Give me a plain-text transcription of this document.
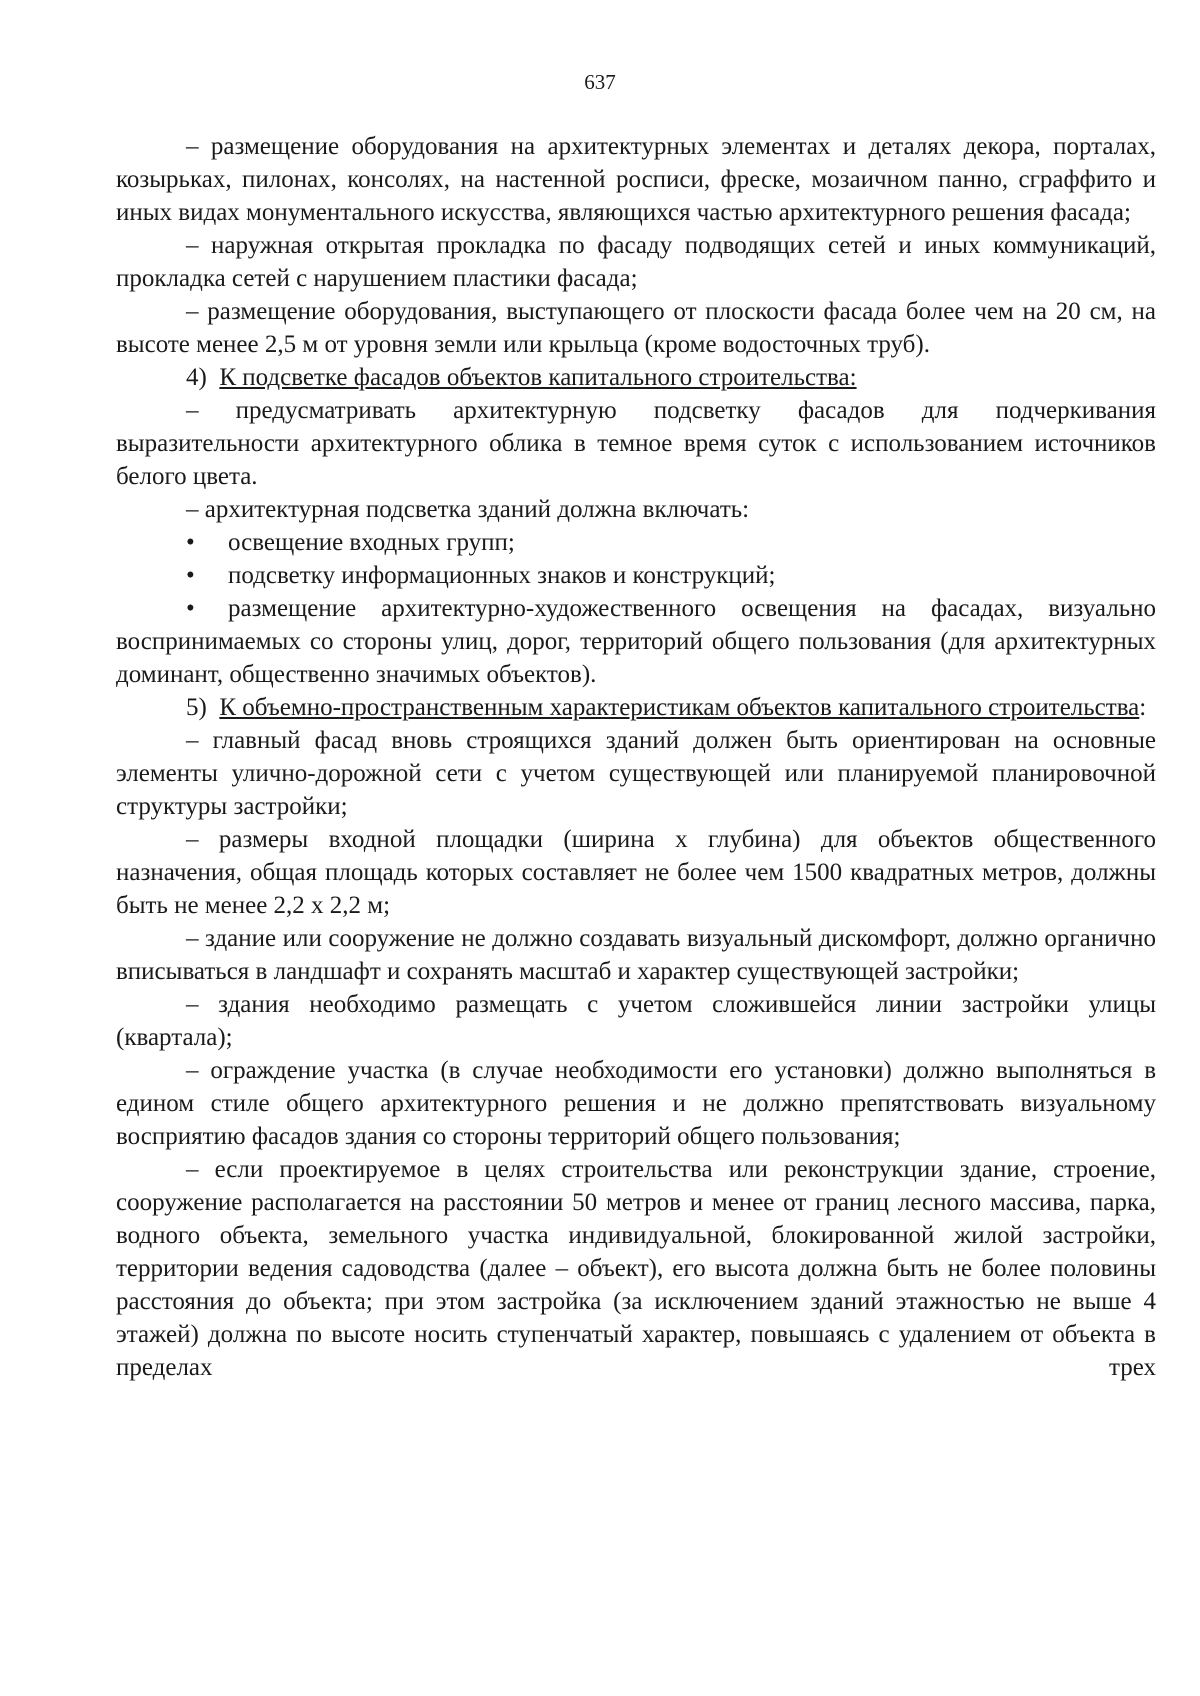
637

– размещение оборудования на архитектурных элементах и деталях декора, порталах, козырьках, пилонах, консолях, на настенной росписи, фреске, мозаичном панно, сграффито и иных видах монументального искусства, являющихся частью архитектурного решения фасада;

– наружная открытая прокладка по фасаду подводящих сетей и иных коммуникаций, прокладка сетей с нарушением пластики фасада;

– размещение оборудования, выступающего от плоскости фасада более чем на 20 см, на высоте менее 2,5 м от уровня земли или крыльца (кроме водосточных труб).

4) К подсветке фасадов объектов капитального строительства:

– предусматривать архитектурную подсветку фасадов для подчеркивания выразительности архитектурного облика в темное время суток с использованием источников белого цвета.

– архитектурная подсветка зданий должна включать:

• освещение входных групп;

• подсветку информационных знаков и конструкций;

• размещение архитектурно-художественного освещения на фасадах, визуально воспринимаемых со стороны улиц, дорог, территорий общего пользования (для архитектурных доминант, общественно значимых объектов).

5) К объемно-пространственным характеристикам объектов капитального строительства:

– главный фасад вновь строящихся зданий должен быть ориентирован на основные элементы улично-дорожной сети с учетом существующей или планируемой планировочной структуры застройки;

– размеры входной площадки (ширина х глубина) для объектов общественного назначения, общая площадь которых составляет не более чем 1500 квадратных метров, должны быть не менее 2,2 х 2,2 м;

– здание или сооружение не должно создавать визуальный дискомфорт, должно органично вписываться в ландшафт и сохранять масштаб и характер существующей застройки;

– здания необходимо размещать с учетом сложившейся линии застройки улицы (квартала);

– ограждение участка (в случае необходимости его установки) должно выполняться в едином стиле общего архитектурного решения и не должно препятствовать визуальному восприятию фасадов здания со стороны территорий общего пользования;

– если проектируемое в целях строительства или реконструкции здание, строение, сооружение располагается на расстоянии 50 метров и менее от границ лесного массива, парка, водного объекта, земельного участка индивидуальной, блокированной жилой застройки, территории ведения садоводства (далее – объект), его высота должна быть не более половины расстояния до объекта; при этом застройка (за исключением зданий этажностью не выше 4 этажей) должна по высоте носить ступенчатый характер, повышаясь с удалением от объекта в пределах трех
